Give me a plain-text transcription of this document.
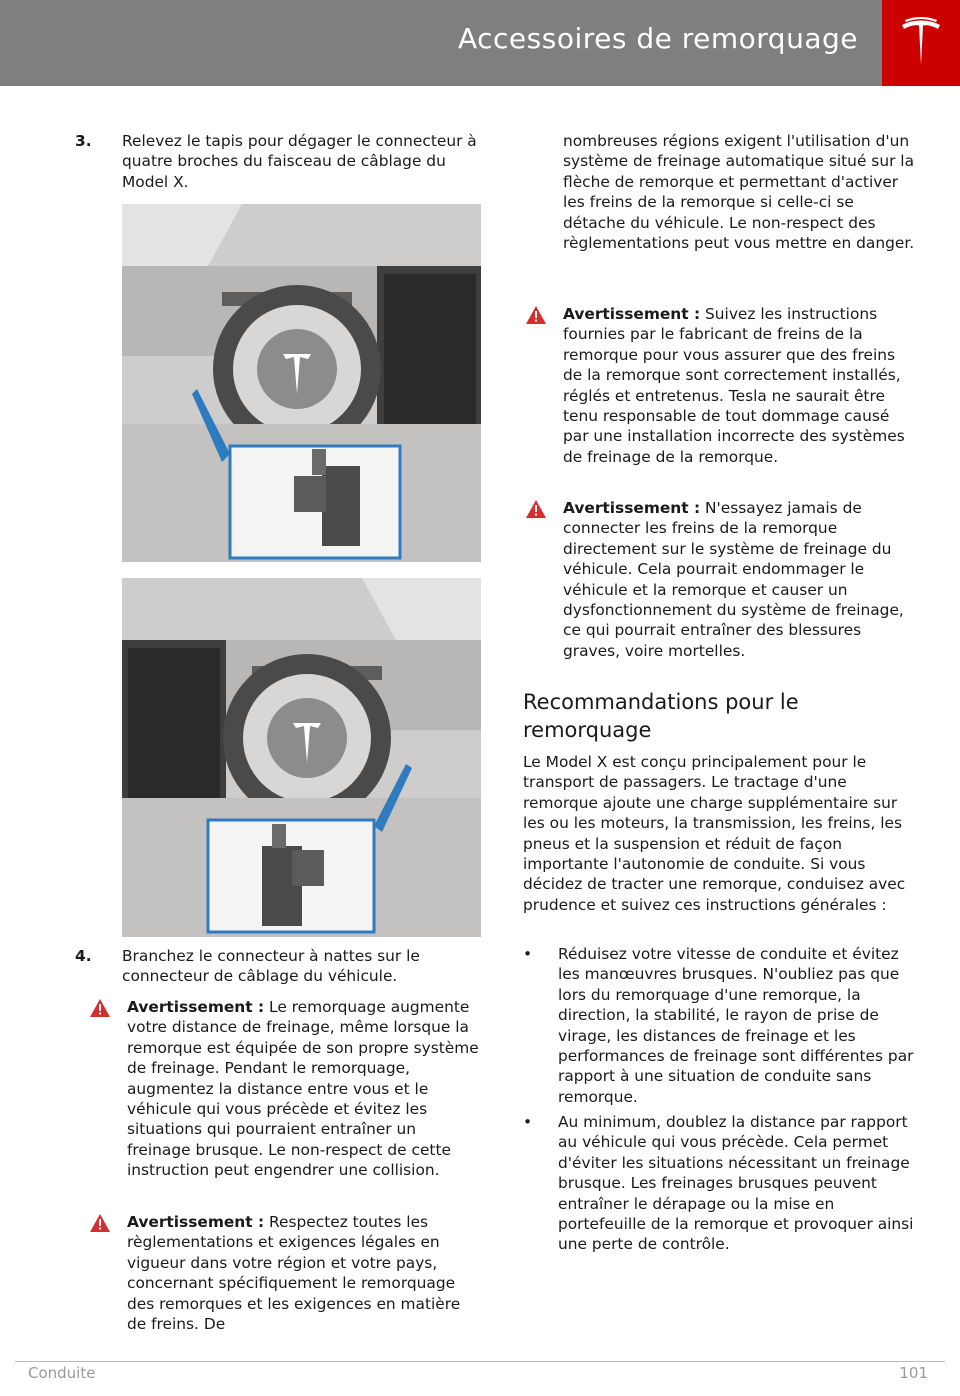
Accessoires de remorquage
3.	Relevez le tapis pour dégager le connecteur à quatre broches du faisceau de câblage du Model X.
4.	Branchez le connecteur à nattes sur le connecteur de câblage du véhicule.
Avertissement : Le remorquage augmente votre distance de freinage, même lorsque la remorque est équipée de son propre système de freinage. Pendant le remorquage, augmentez la distance entre vous et le véhicule qui vous précède et évitez les situations qui pourraient entraîner un freinage brusque. Le non-respect de cette instruction peut engendrer une collision.
Avertissement : Respectez toutes les règlementations et exigences légales en vigueur dans votre région et votre pays, concernant spécifiquement le remorquage des remorques et les exigences en matière de freins. De
nombreuses régions exigent l'utilisation d'un système de freinage automatique situé sur la flèche de remorque et permettant d'activer les freins de la remorque si celle-ci se détache du véhicule. Le non-respect des règlementations peut vous mettre en danger.
Avertissement : Suivez les instructions fournies par le fabricant de freins de la remorque pour vous assurer que des freins de la remorque sont correctement installés, réglés et entretenus. Tesla ne saurait être tenu responsable de tout dommage causé par une installation incorrecte des systèmes de freinage de la remorque.
Avertissement : N'essayez jamais de connecter les freins de la remorque directement sur le système de freinage du véhicule. Cela pourrait endommager le véhicule et la remorque et causer un dysfonctionnement du système de freinage, ce qui pourrait entraîner des blessures graves, voire mortelles.
Recommandations pour le remorquage
Le Model X est conçu principalement pour le transport de passagers. Le tractage d'une remorque ajoute une charge supplémentaire sur les ou les moteurs, la transmission, les freins, les pneus et la suspension et réduit de façon importante l'autonomie de conduite. Si vous décidez de tracter une remorque, conduisez avec prudence et suivez ces instructions générales :
•	Réduisez votre vitesse de conduite et évitez les manœuvres brusques. N'oubliez pas que lors du remorquage d'une remorque, la direction, la stabilité, le rayon de prise de virage, les distances de freinage et les performances de freinage sont différentes par rapport à une situation de conduite sans remorque.
•	Au minimum, doublez la distance par rapport au véhicule qui vous précède. Cela permet d'éviter les situations nécessitant un freinage brusque. Les freinages brusques peuvent entraîner le dérapage ou la mise en portefeuille de la remorque et provoquer ainsi une perte de contrôle.
Conduite	101
